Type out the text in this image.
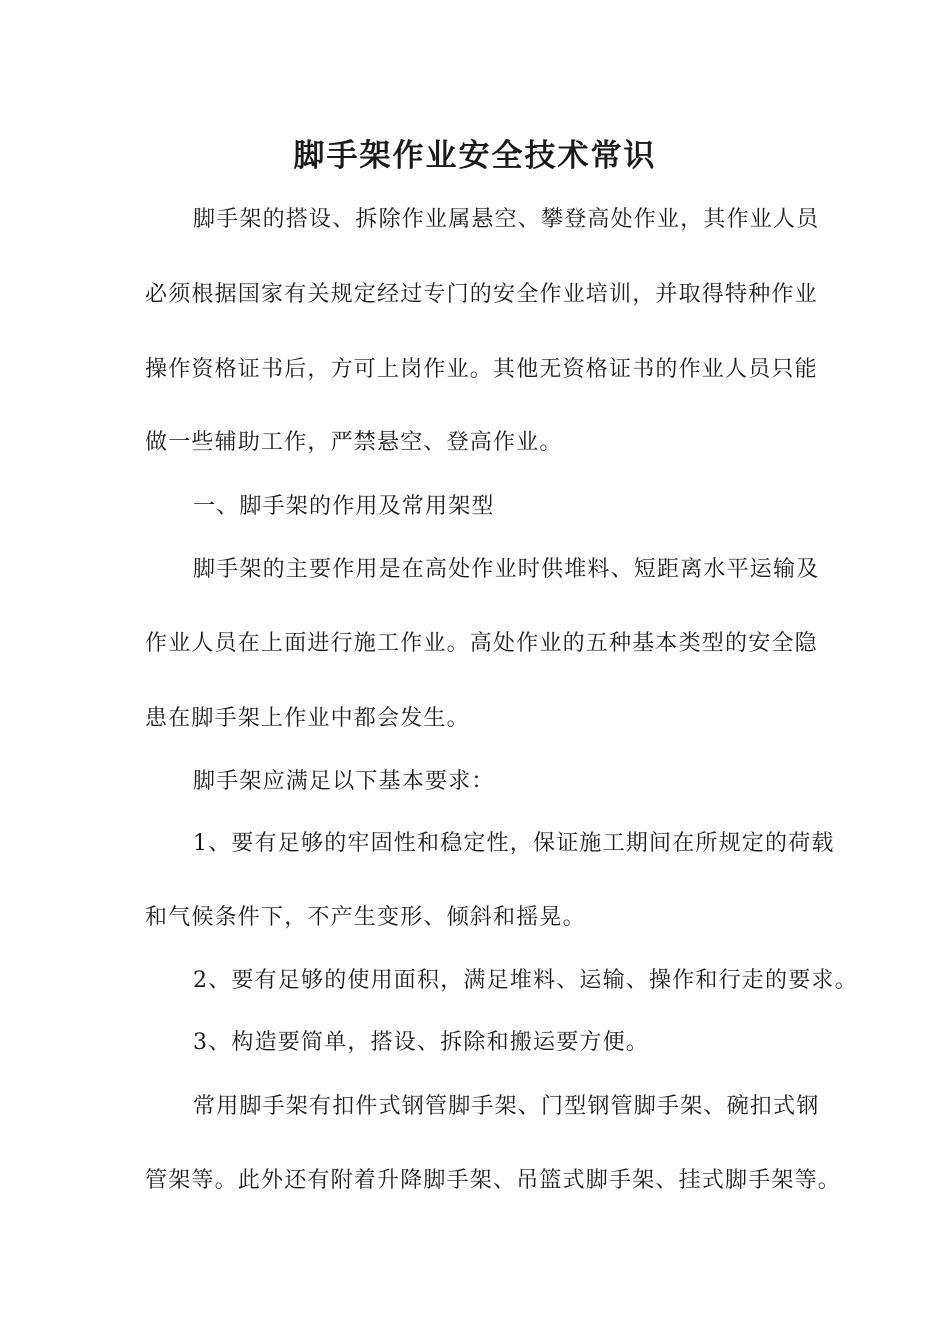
脚手架作业安全技术常识

脚手架的搭设、拆除作业属悬空、攀登高处作业，其作业人员

必须根据国家有关规定经过专门的安全作业培训，并取得特种作业

操作资格证书后，方可上岗作业。其他无资格证书的作业人员只能

做一些辅助工作，严禁悬空、登高作业。

一、脚手架的作用及常用架型

脚手架的主要作用是在高处作业时供堆料、短距离水平运输及

作业人员在上面进行施工作业。高处作业的五种基本类型的安全隐

患在脚手架上作业中都会发生。

脚手架应满足以下基本要求：

1、要有足够的牢固性和稳定性，保证施工期间在所规定的荷载

和气候条件下，不产生变形、倾斜和摇晃。

2、要有足够的使用面积，满足堆料、运输、操作和行走的要求。

3、构造要简单，搭设、拆除和搬运要方便。

常用脚手架有扣件式钢管脚手架、门型钢管脚手架、碗扣式钢

管架等。此外还有附着升降脚手架、吊篮式脚手架、挂式脚手架等。
